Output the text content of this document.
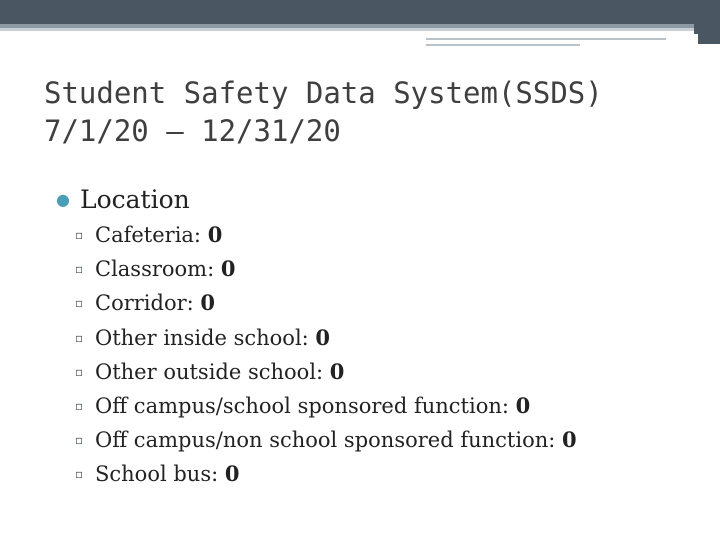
Student Safety Data System(SSDS)
7/1/20 – 12/31/20
● Location
▫ Cafeteria: 0
▫ Classroom: 0
▫ Corridor: 0
▫ Other inside school: 0
▫ Other outside school: 0
▫ Off campus/school sponsored function: 0
▫ Off campus/non school sponsored function: 0
▫ School bus: 0
